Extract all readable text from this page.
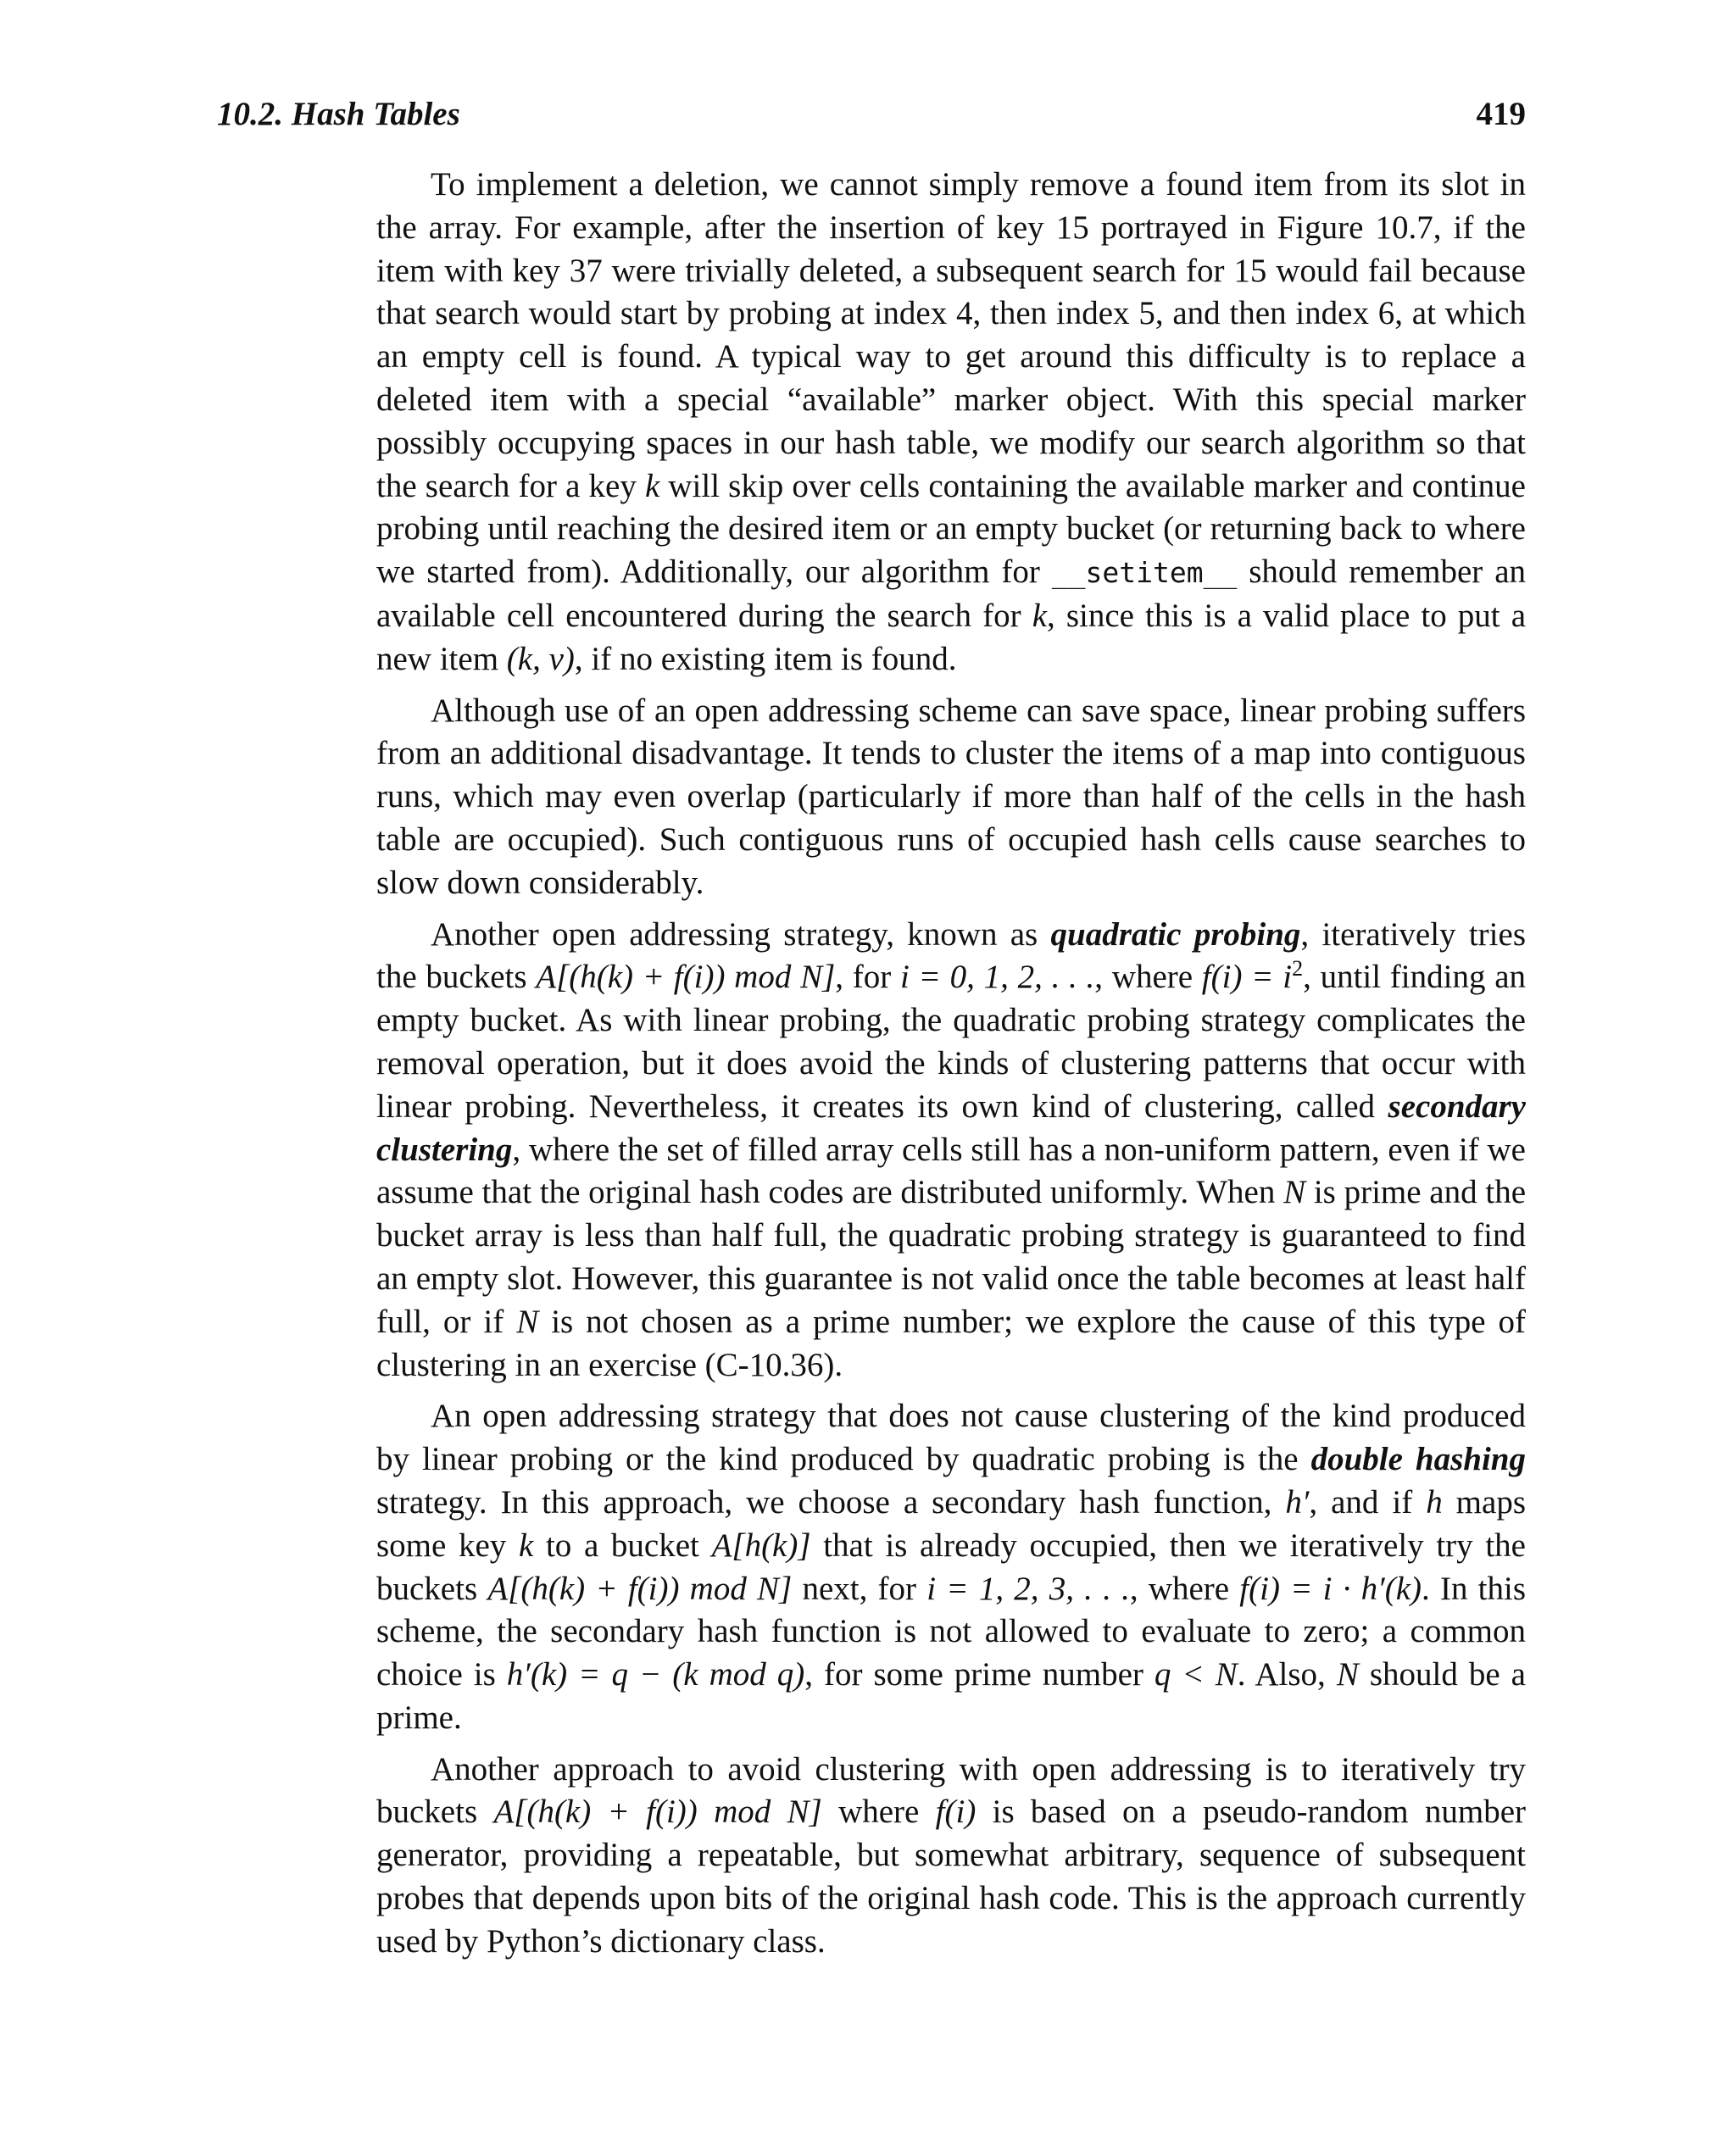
10.2. Hash Tables	419

To implement a deletion, we cannot simply remove a found item from its slot in the array. For example, after the insertion of key 15 portrayed in Figure 10.7, if the item with key 37 were trivially deleted, a subsequent search for 15 would fail because that search would start by probing at index 4, then index 5, and then index 6, at which an empty cell is found. A typical way to get around this difficulty is to replace a deleted item with a special “available” marker object. With this special marker possibly occupying spaces in our hash table, we modify our search algorithm so that the search for a key k will skip over cells containing the available marker and continue probing until reaching the desired item or an empty bucket (or returning back to where we started from). Additionally, our algorithm for __setitem__ should remember an available cell encountered during the search for k, since this is a valid place to put a new item (k, v), if no existing item is found.

Although use of an open addressing scheme can save space, linear probing suffers from an additional disadvantage. It tends to cluster the items of a map into contiguous runs, which may even overlap (particularly if more than half of the cells in the hash table are occupied). Such contiguous runs of occupied hash cells cause searches to slow down considerably.

Another open addressing strategy, known as quadratic probing, iteratively tries the buckets A[(h(k) + f(i)) mod N], for i = 0, 1, 2, . . ., where $f(i) = i^2$, until finding an empty bucket. As with linear probing, the quadratic probing strategy complicates the removal operation, but it does avoid the kinds of clustering patterns that occur with linear probing. Nevertheless, it creates its own kind of clustering, called secondary clustering, where the set of filled array cells still has a non-uniform pattern, even if we assume that the original hash codes are distributed uniformly. When N is prime and the bucket array is less than half full, the quadratic probing strategy is guaranteed to find an empty slot. However, this guarantee is not valid once the table becomes at least half full, or if N is not chosen as a prime number; we explore the cause of this type of clustering in an exercise (C-10.36).

An open addressing strategy that does not cause clustering of the kind produced by linear probing or the kind produced by quadratic probing is the double hashing strategy. In this approach, we choose a secondary hash function, h′, and if h maps some key k to a bucket A[h(k)] that is already occupied, then we iteratively try the buckets A[(h(k) + f(i)) mod N] next, for i = 1, 2, 3, . . ., where f(i) = i · h′(k). In this scheme, the secondary hash function is not allowed to evaluate to zero; a common choice is h′(k) = q − (k mod q), for some prime number q < N. Also, N should be a prime.

Another approach to avoid clustering with open addressing is to iteratively try buckets A[(h(k) + f(i)) mod N] where f(i) is based on a pseudo-random number generator, providing a repeatable, but somewhat arbitrary, sequence of subsequent probes that depends upon bits of the original hash code. This is the approach currently used by Python’s dictionary class.
